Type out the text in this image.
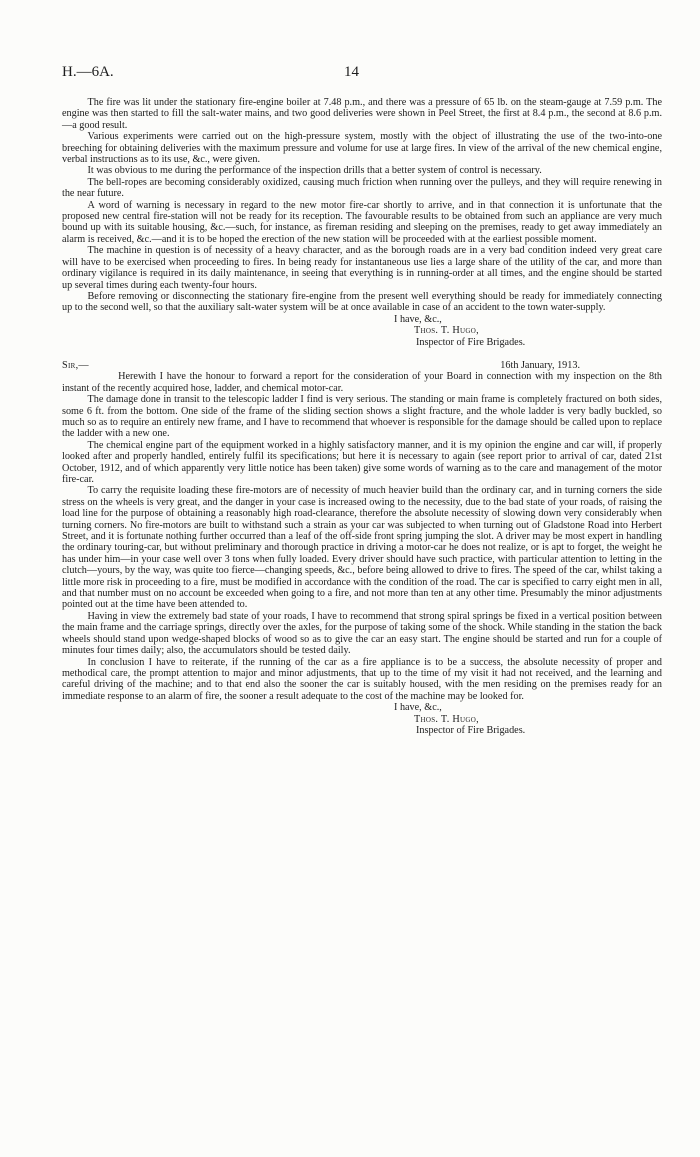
H.—6A.	14

The fire was lit under the stationary fire-engine boiler at 7.48 p.m., and there was a pressure of 65 lb. on the steam-gauge at 7.59 p.m. The engine was then started to fill the salt-water mains, and two good deliveries were shown in Peel Street, the first at 8.4 p.m., the second at 8.6 p.m.—a good result.

Various experiments were carried out on the high-pressure system, mostly with the object of illustrating the use of the two-into-one breeching for obtaining deliveries with the maximum pressure and volume for use at large fires. In view of the arrival of the new chemical engine, verbal instructions as to its use, &c., were given.

It was obvious to me during the performance of the inspection drills that a better system of control is necessary.

The bell-ropes are becoming considerably oxidized, causing much friction when running over the pulleys, and they will require renewing in the near future.

A word of warning is necessary in regard to the new motor fire-car shortly to arrive, and in that connection it is unfortunate that the proposed new central fire-station will not be ready for its reception. The favourable results to be obtained from such an appliance are very much bound up with its suitable housing, &c.—such, for instance, as fireman residing and sleeping on the premises, ready to get away immediately an alarm is received, &c.—and it is to be hoped the erection of the new station will be proceeded with at the earliest possible moment.

The machine in question is of necessity of a heavy character, and as the borough roads are in a very bad condition indeed very great care will have to be exercised when proceeding to fires. In being ready for instantaneous use lies a large share of the utility of the car, and more than ordinary vigilance is required in its daily maintenance, in seeing that everything is in running-order at all times, and the engine should be started up several times during each twenty-four hours.

Before removing or disconnecting the stationary fire-engine from the present well everything should be ready for immediately connecting up to the second well, so that the auxiliary salt-water system will be at once available in case of an accident to the town water-supply.

I have, &c.,
Thos. T. Hugo,
Inspector of Fire Brigades.
Sir,—	16th January, 1913.

Herewith I have the honour to forward a report for the consideration of your Board in connection with my inspection on the 8th instant of the recently acquired hose, ladder, and chemical motor-car.

The damage done in transit to the telescopic ladder I find is very serious. The standing or main frame is completely fractured on both sides, some 6 ft. from the bottom. One side of the frame of the sliding section shows a slight fracture, and the whole ladder is very badly buckled, so much so as to require an entirely new frame, and I have to recommend that whoever is responsible for the damage should be called upon to replace the ladder with a new one.

The chemical engine part of the equipment worked in a highly satisfactory manner, and it is my opinion the engine and car will, if properly looked after and properly handled, entirely fulfil its specifications; but here it is necessary to again (see report prior to arrival of car, dated 21st October, 1912, and of which apparently very little notice has been taken) give some words of warning as to the care and management of the motor fire-car.

To carry the requisite loading these fire-motors are of necessity of much heavier build than the ordinary car, and in turning corners the side stress on the wheels is very great, and the danger in your case is increased owing to the necessity, due to the bad state of your roads, of raising the load line for the purpose of obtaining a reasonably high road-clearance, therefore the absolute necessity of slowing down very considerably when turning corners. No fire-motors are built to withstand such a strain as your car was subjected to when turning out of Gladstone Road into Herbert Street, and it is fortunate nothing further occurred than a leaf of the off-side front spring jumping the slot. A driver may be most expert in handling the ordinary touring-car, but without preliminary and thorough practice in driving a motor-car he does not realize, or is apt to forget, the weight he has under him—in your case well over 3 tons when fully loaded. Every driver should have such practice, with particular attention to letting in the clutch—yours, by the way, was quite too fierce—changing speeds, &c., before being allowed to drive to fires. The speed of the car, whilst taking a little more risk in proceeding to a fire, must be modified in accordance with the condition of the road. The car is specified to carry eight men in all, and that number must on no account be exceeded when going to a fire, and not more than ten at any other time. Presumably the minor adjustments pointed out at the time have been attended to.

Having in view the extremely bad state of your roads, I have to recommend that strong spiral springs be fixed in a vertical position between the main frame and the carriage springs, directly over the axles, for the purpose of taking some of the shock. While standing in the station the back wheels should stand upon wedge-shaped blocks of wood so as to give the car an easy start. The engine should be started and run for a couple of minutes four times daily; also, the accumulators should be tested daily.

In conclusion I have to reiterate, if the running of the car as a fire appliance is to be a success, the absolute necessity of proper and methodical care, the prompt attention to major and minor adjustments, that up to the time of my visit it had not received, and the learning and careful driving of the machine; and to that end also the sooner the car is suitably housed, with the men residing on the premises ready for an immediate response to an alarm of fire, the sooner a result adequate to the cost of the machine may be looked for.

I have, &c.,
Thos. T. Hugo,
Inspector of Fire Brigades.
